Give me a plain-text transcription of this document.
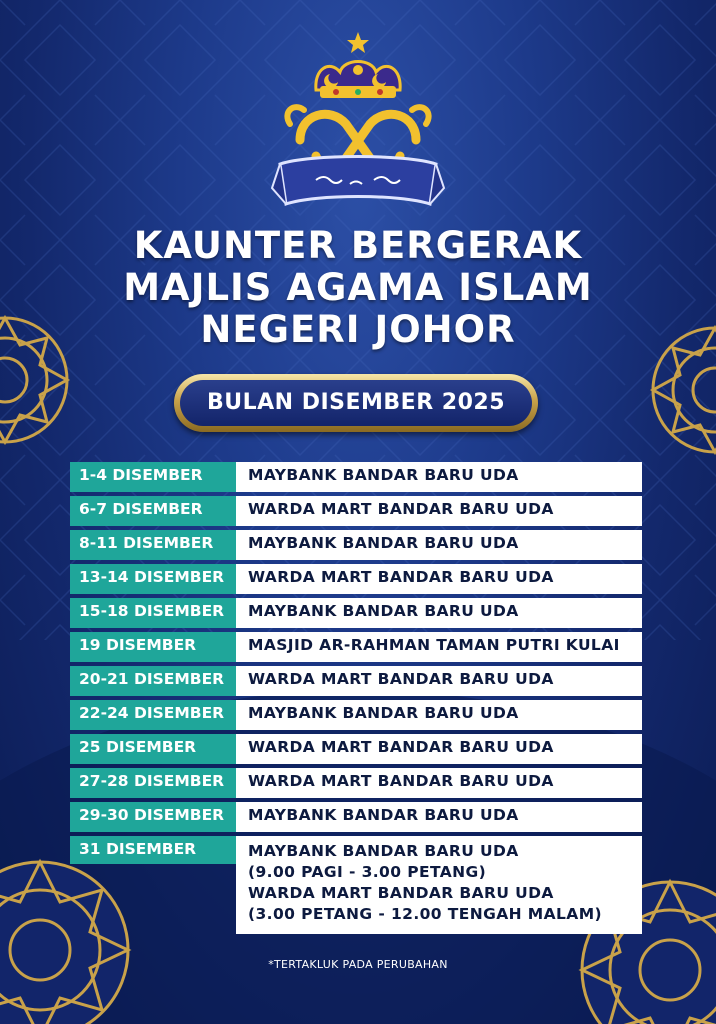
KAUNTER BERGERAK
MAJLIS AGAMA ISLAM
NEGERI JOHOR
BULAN DISEMBER 2025
1-4 DISEMBER	MAYBANK BANDAR BARU UDA
6-7 DISEMBER	WARDA MART BANDAR BARU UDA
8-11 DISEMBER	MAYBANK BANDAR BARU UDA
13-14 DISEMBER	WARDA MART BANDAR BARU UDA
15-18 DISEMBER	MAYBANK BANDAR BARU UDA
19 DISEMBER	MASJID AR-RAHMAN TAMAN PUTRI KULAI
20-21 DISEMBER	WARDA MART BANDAR BARU UDA
22-24 DISEMBER	MAYBANK BANDAR BARU UDA
25 DISEMBER	WARDA MART BANDAR BARU UDA
27-28 DISEMBER	WARDA MART BANDAR BARU UDA
29-30 DISEMBER	MAYBANK BANDAR BARU UDA
31 DISEMBER	MAYBANK BANDAR BARU UDA
(9.00 PAGI - 3.00 PETANG)
WARDA MART BANDAR BARU UDA
(3.00 PETANG - 12.00 TENGAH MALAM)
*TERTAKLUK PADA PERUBAHAN
